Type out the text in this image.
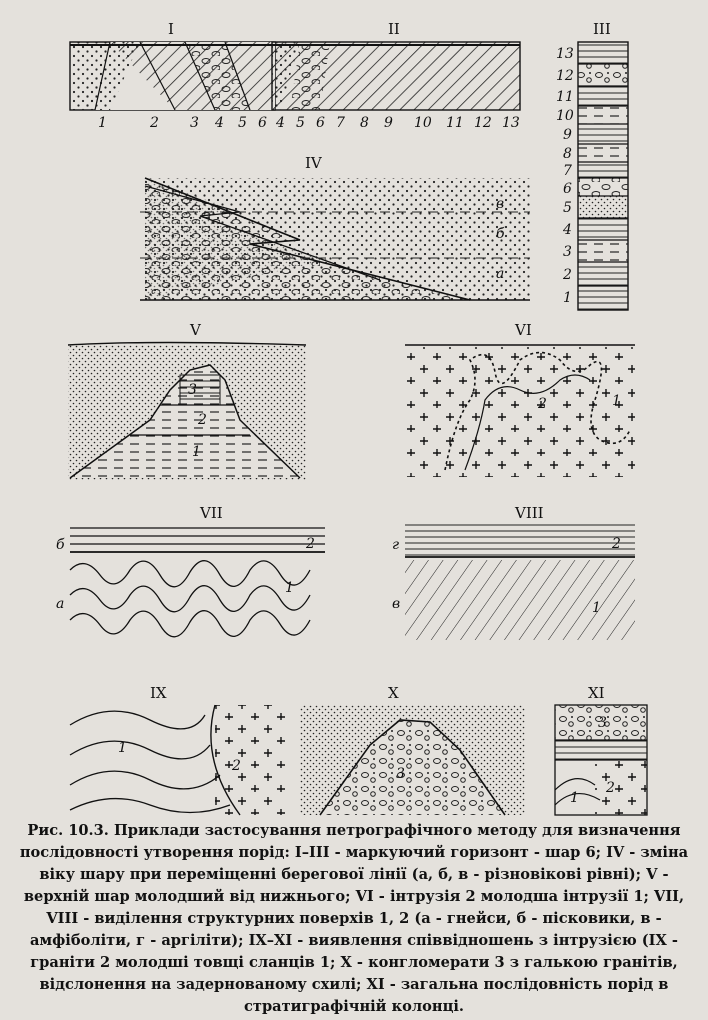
I
1	2 3 4 5 6
II
4 5 6 7 8 9 10 11 12 13
III
13
12
11
10
9
8
7
6
5
4
3
2
1
IV
в
б
а
V
3
2
1
VI
2	1
VII
б
а
2
1
VIII
г
в
2
1
IX
1
2
X
3
XI
3
2
1
Рис. 10.3. Приклади застосування петрографічного методу для визначення послідовності утворення порід: I–III - маркуючий горизонт - шар 6; IV - зміна віку шару при переміщенні берегової лінії (а, б, в - різновікові рівні); V - верхній шар молодший від нижнього; VI - інтрузія 2 молодша інтрузії 1; VII, VIII - виділення структурних поверхів 1, 2 (а - гнейси, б - пісковики, в - амфіболіти, г - аргіліти); IX–XI - виявлення співвідношень з інтрузією (IX - граніти 2 молодші товщі сланців 1; X - конгломерати 3 з галькою гранітів, відслонення на задернованому схилі; XI - загальна послідовність порід в стратиграфічній колонці.
